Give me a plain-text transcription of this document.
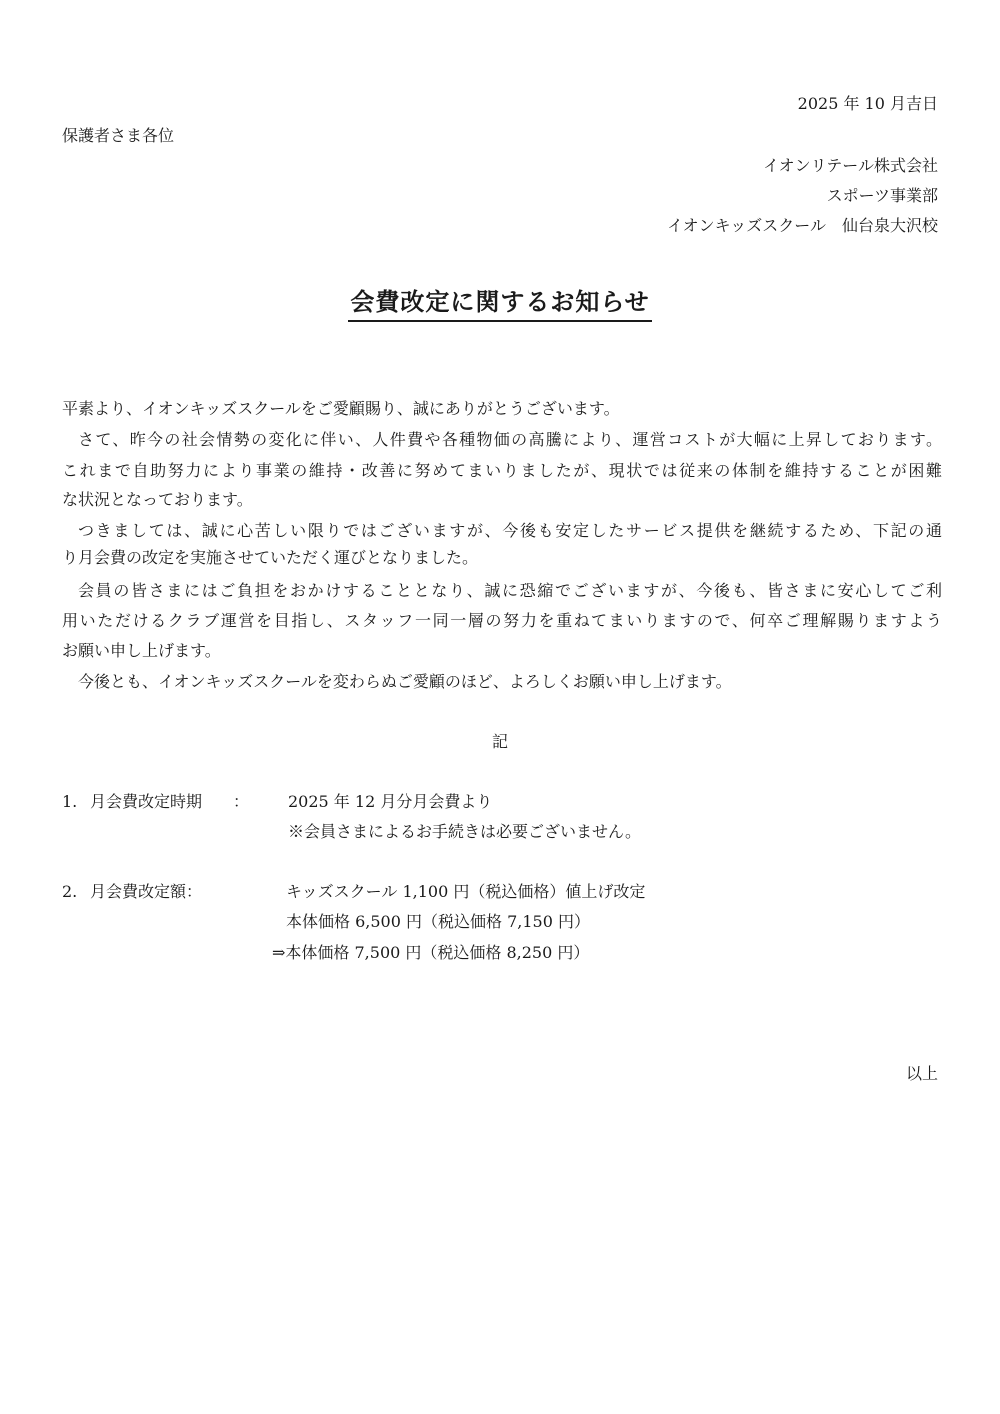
2025 年 10 月吉日
保護者さま各位
イオンリテール株式会社
スポーツ事業部
イオンキッズスクール　仙台泉大沢校
会費改定に関するお知らせ
平素より、イオンキッズスクールをご愛顧賜り、誠にありがとうございます。
さて、昨今の社会情勢の変化に伴い、人件費や各種物価の高騰により、運営コストが大幅に上昇しております。
これまで自助努力により事業の維持・改善に努めてまいりましたが、現状では従来の体制を維持することが困難
な状況となっております。
つきましては、誠に心苦しい限りではございますが、今後も安定したサービス提供を継続するため、下記の通
り月会費の改定を実施させていただく運びとなりました。
会員の皆さまにはご負担をおかけすることとなり、誠に恐縮でございますが、今後も、皆さまに安心してご利
用いただけるクラブ運営を目指し、スタッフ一同一層の努力を重ねてまいりますので、何卒ご理解賜りますよう
お願い申し上げます。
今後とも、イオンキッズスクールを変わらぬご愛顧のほど、よろしくお願い申し上げます。
記
1. 月会費改定時期 ： 2025 年 12 月分月会費より
※会員さまによるお手続きは必要ございません。
2. 月会費改定額：	キッズスクール 1,100 円（税込価格）値上げ改定
本体価格 6,500 円（税込価格 7,150 円）
⇒本体価格 7,500 円（税込価格 8,250 円）
以上
